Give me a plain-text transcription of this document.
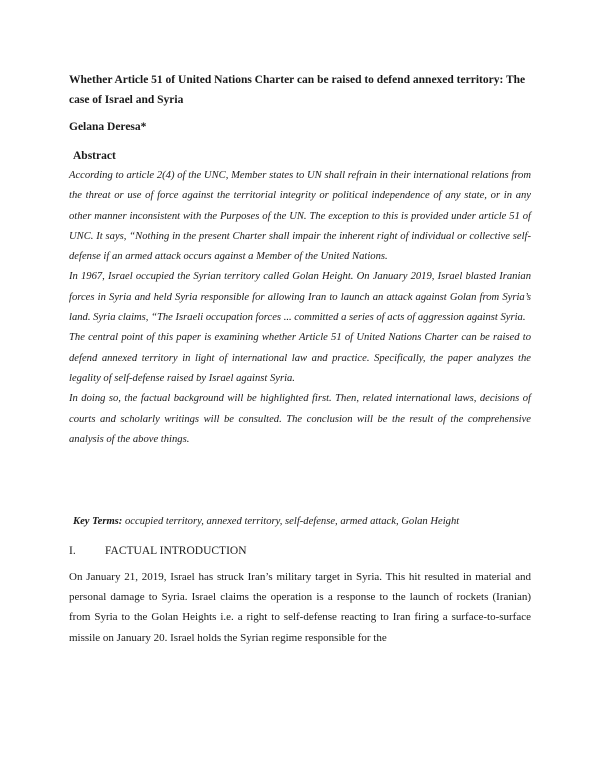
Whether Article 51 of United Nations Charter can be raised to defend annexed territory: The case of Israel and Syria
Gelana Deresa*
Abstract

According to article 2(4) of the UNC, Member states to UN shall refrain in their international relations from the threat or use of force against the territorial integrity or political independence of any state, or in any other manner inconsistent with the Purposes of the UN. The exception to this is provided under article 51 of UNC. It says, “Nothing in the present Charter shall impair the inherent right of individual or collective self-defense if an armed attack occurs against a Member of the United Nations.

In 1967, Israel occupied the Syrian territory called Golan Height. On January 2019, Israel blasted Iranian forces in Syria and held Syria responsible for allowing Iran to launch an attack against Golan from Syria’s land. Syria claims, “The Israeli occupation forces ... committed a series of acts of aggression against Syria.

The central point of this paper is examining whether Article 51 of United Nations Charter can be raised to defend annexed territory in light of international law and practice. Specifically, the paper analyzes the legality of self-defense raised by Israel against Syria.

In doing so, the factual background will be highlighted first. Then, related international laws, decisions of courts and scholarly writings will be consulted. The conclusion will be the result of the comprehensive analysis of the above things.

Key Terms: occupied territory, annexed territory, self-defense, armed attack, Golan Height
I.	FACTUAL INTRODUCTION

On January 21, 2019, Israel has struck Iran’s military target in Syria. This hit resulted in material and personal damage to Syria. Israel claims the operation is a response to the launch of rockets (Iranian) from Syria to the Golan Heights i.e. a right to self-defense reacting to Iran firing a surface-to-surface missile on January 20. Israel holds the Syrian regime responsible for the
